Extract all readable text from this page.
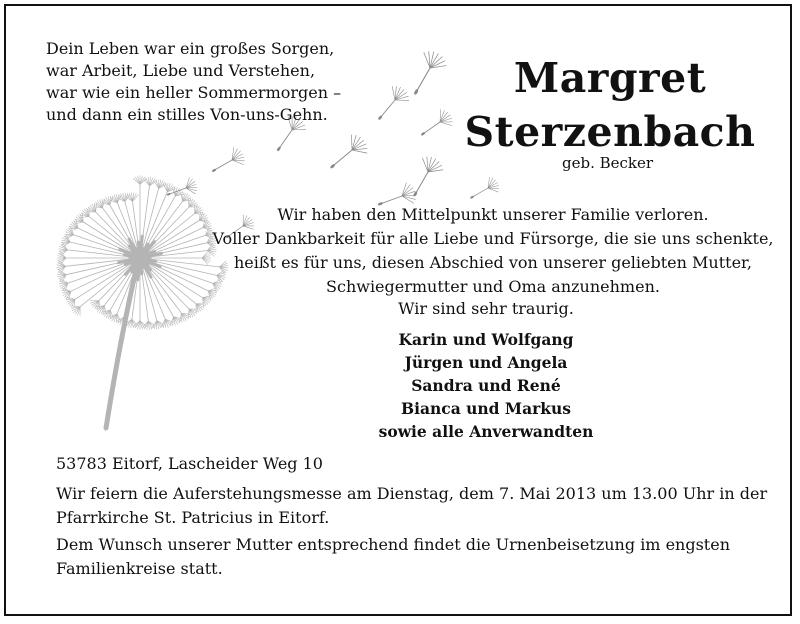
Dein Leben war ein großes Sorgen,
war Arbeit, Liebe und Verstehen,
war wie ein heller Sommermorgen –
und dann ein stilles Von-uns-Gehn.
Margret
Sterzenbach
geb. Becker
Wir haben den Mittelpunkt unserer Familie verloren.
Voller Dankbarkeit für alle Liebe und Fürsorge, die sie uns schenkte,
heißt es für uns, diesen Abschied von unserer geliebten Mutter,
Schwiegermutter und Oma anzunehmen.
Wir sind sehr traurig.
Karin und Wolfgang
Jürgen und Angela
Sandra und René
Bianca und Markus
sowie alle Anverwandten
53783 Eitorf, Lascheider Weg 10
Wir feiern die Auferstehungsmesse am Dienstag, dem 7. Mai 2013 um 13.00 Uhr in der
Pfarrkirche St. Patricius in Eitorf.
Dem Wunsch unserer Mutter entsprechend findet die Urnenbeisetzung im engsten
Familienkreise statt.
